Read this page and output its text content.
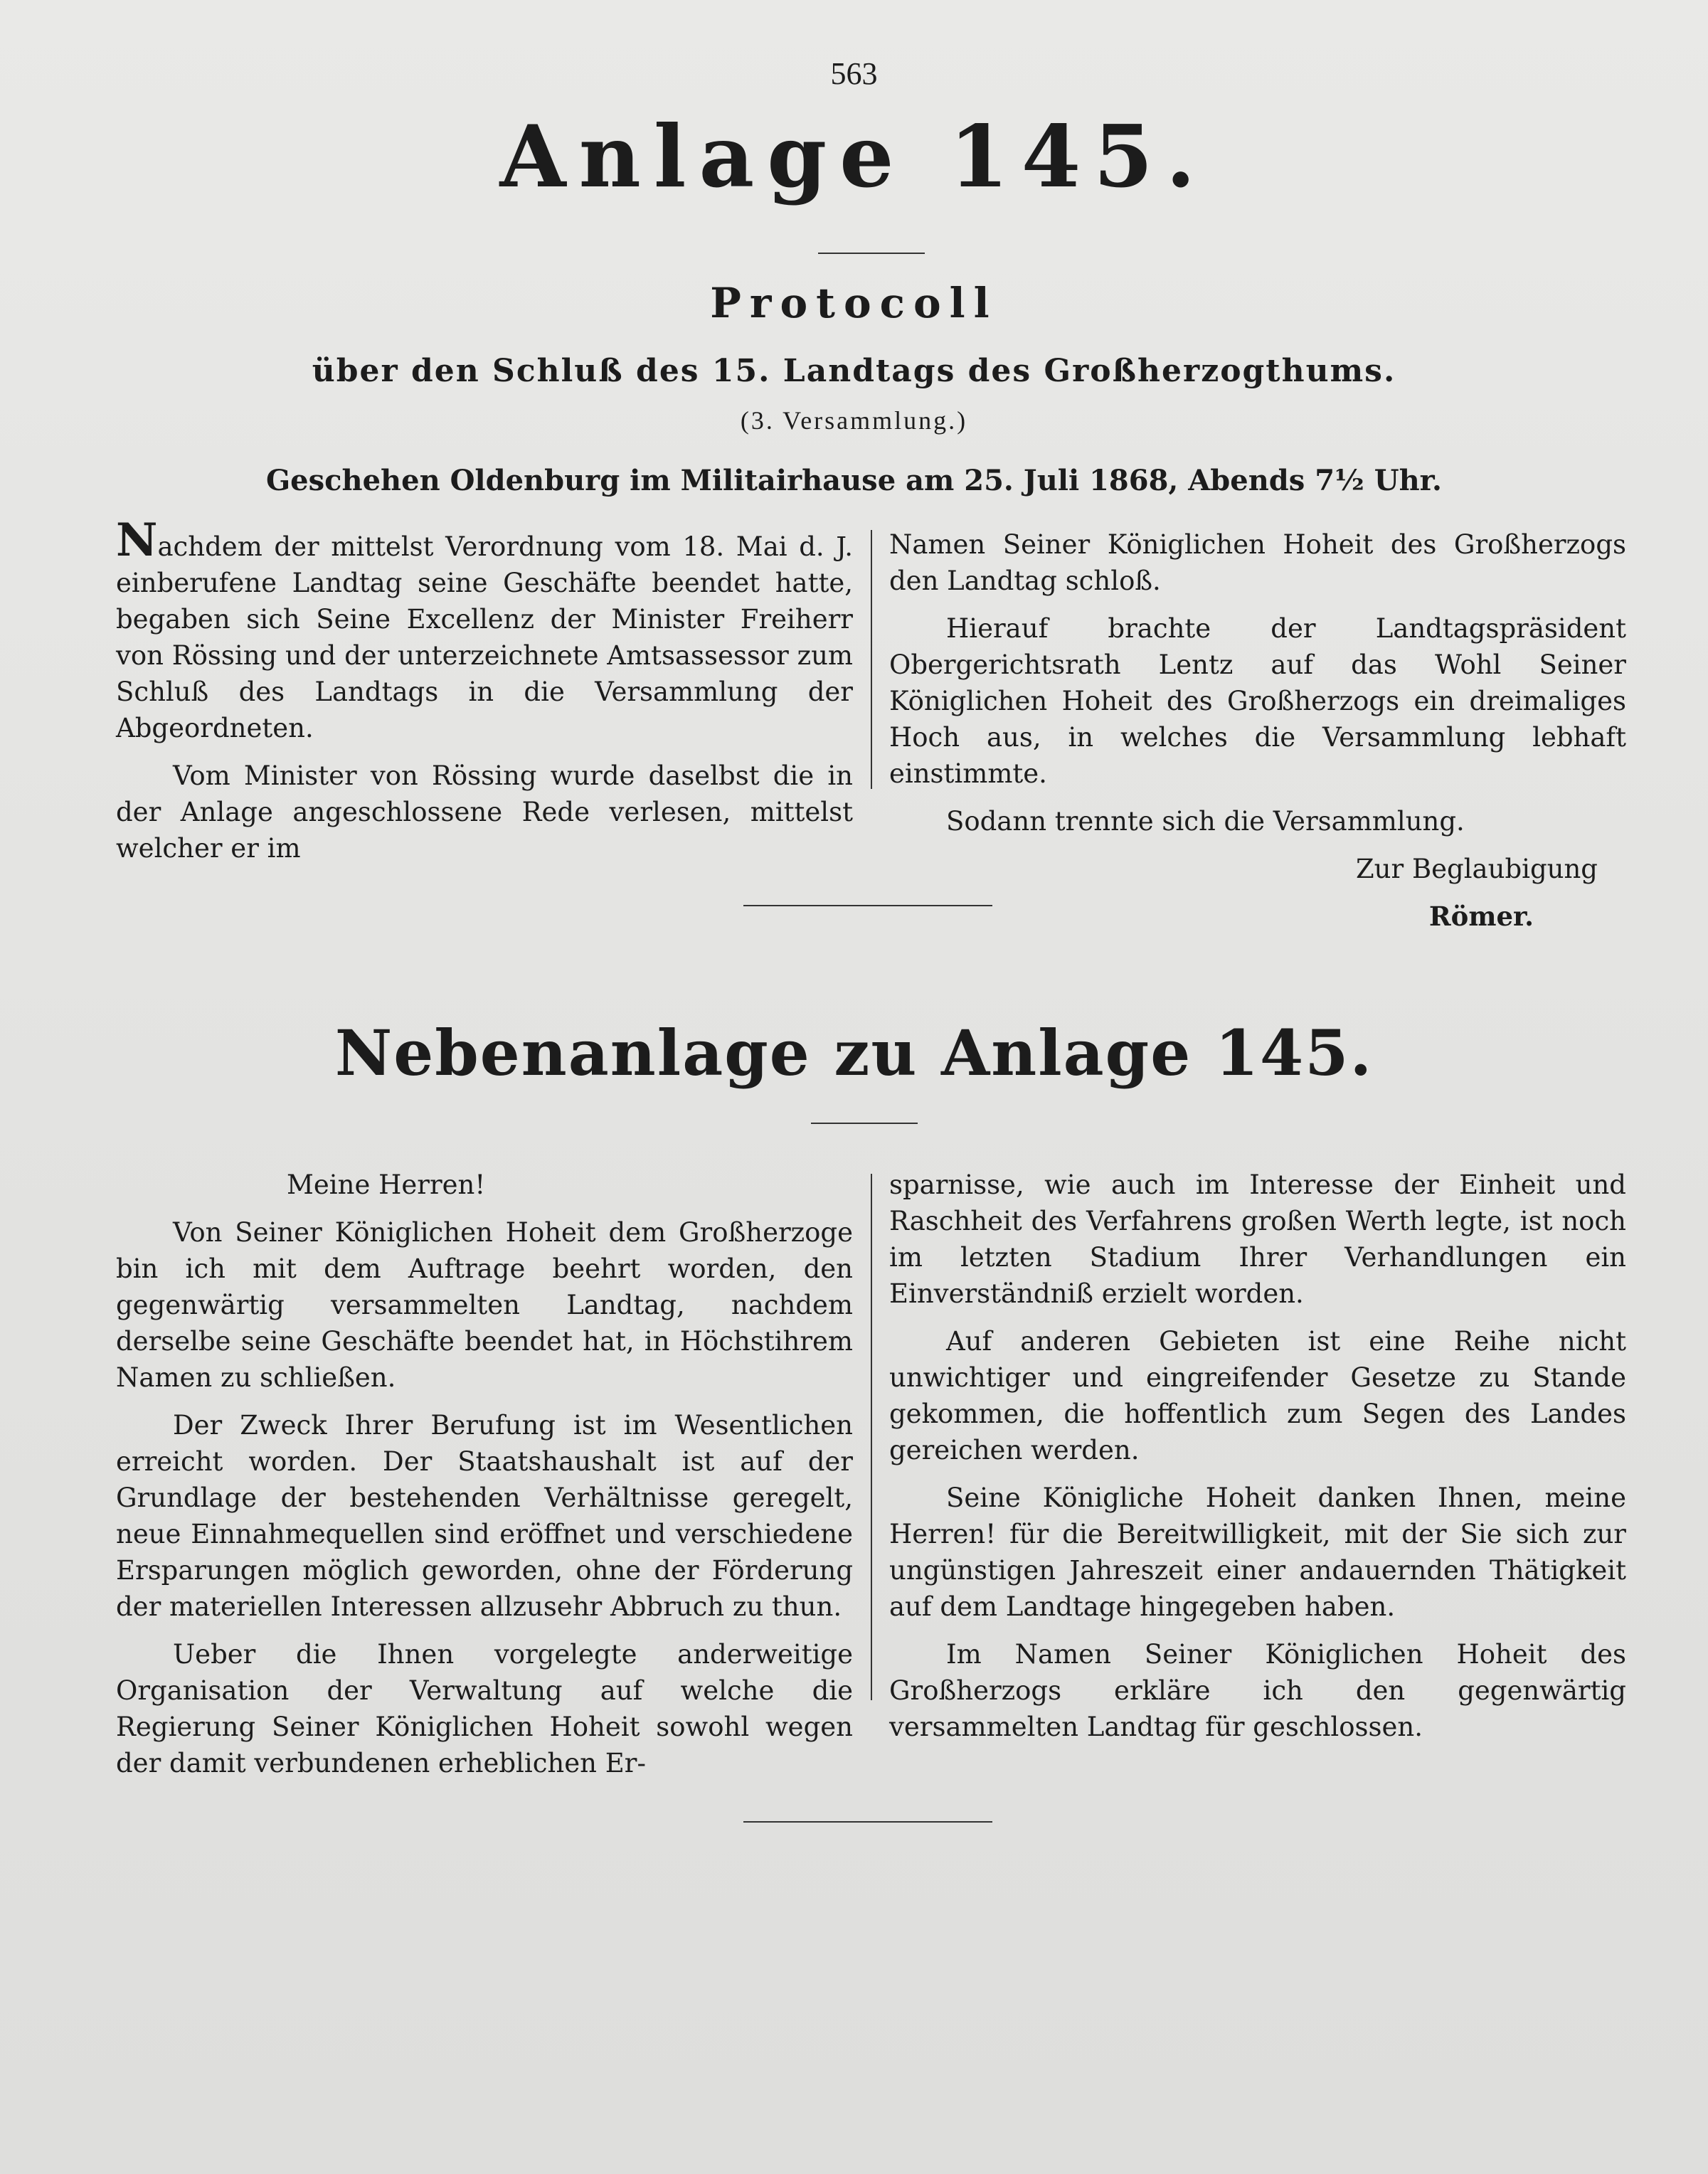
563
Anlage 145.
Protocoll
über den Schluß des 15. Landtags des Großherzogthums.
(3. Versammlung.)
Geschehen Oldenburg im Militairhause am 25. Juli 1868, Abends 7½ Uhr.

Nachdem der mittelst Verordnung vom 18. Mai d. J. einberufene Landtag seine Geschäfte beendet hatte, begaben sich Seine Excellenz der Minister Freiherr von Rössing und der unterzeichnete Amtsassessor zum Schluß des Landtags in die Versammlung der Abgeordneten.

Vom Minister von Rössing wurde daselbst die in der Anlage angeschlossene Rede verlesen, mittelst welcher er im

Namen Seiner Königlichen Hoheit des Großherzogs den Landtag schloß.

Hierauf brachte der Landtagspräsident Obergerichtsrath Lentz auf das Wohl Seiner Königlichen Hoheit des Großherzogs ein dreimaliges Hoch aus, in welches die Versammlung lebhaft einstimmte.

Sodann trennte sich die Versammlung.

Zur Beglaubigung

Römer.

Nebenanlage zu Anlage 145.

Meine Herren!

Von Seiner Königlichen Hoheit dem Großherzoge bin ich mit dem Auftrage beehrt worden, den gegenwärtig versammelten Landtag, nachdem derselbe seine Geschäfte beendet hat, in Höchstihrem Namen zu schließen.

Der Zweck Ihrer Berufung ist im Wesentlichen erreicht worden. Der Staatshaushalt ist auf der Grundlage der bestehenden Verhältnisse geregelt, neue Einnahmequellen sind eröffnet und verschiedene Ersparungen möglich geworden, ohne der Förderung der materiellen Interessen allzusehr Abbruch zu thun.

Ueber die Ihnen vorgelegte anderweitige Organisation der Verwaltung auf welche die Regierung Seiner Königlichen Hoheit sowohl wegen der damit verbundenen erheblichen Er-

sparnisse, wie auch im Interesse der Einheit und Raschheit des Verfahrens großen Werth legte, ist noch im letzten Stadium Ihrer Verhandlungen ein Einverständniß erzielt worden.

Auf anderen Gebieten ist eine Reihe nicht unwichtiger und eingreifender Gesetze zu Stande gekommen, die hoffentlich zum Segen des Landes gereichen werden.

Seine Königliche Hoheit danken Ihnen, meine Herren! für die Bereitwilligkeit, mit der Sie sich zur ungünstigen Jahreszeit einer andauernden Thätigkeit auf dem Landtage hingegeben haben.

Im Namen Seiner Königlichen Hoheit des Großherzogs erkläre ich den gegenwärtig versammelten Landtag für geschlossen.
